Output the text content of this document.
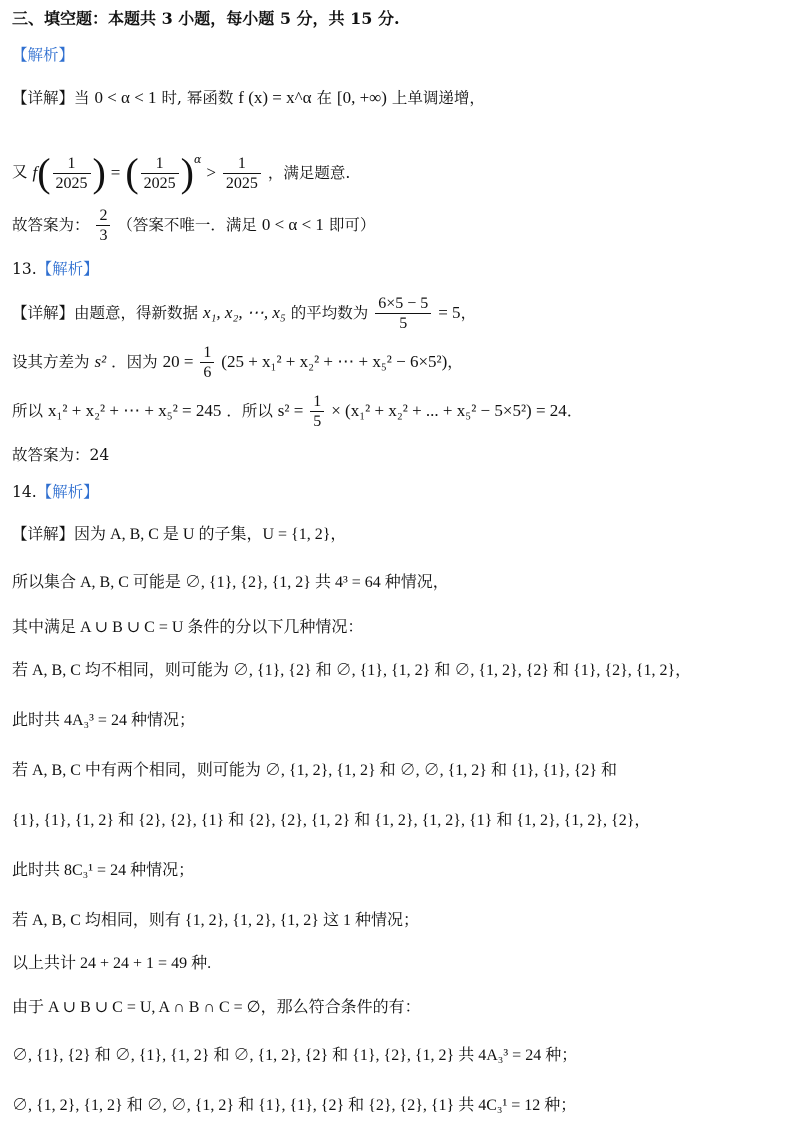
三、填空题：本题共 3 小题，每小题 5 分，共 15 分.
【解析】
【详解】当 0 < α < 1 时, 幂函数 f (x) = x^α 在 [0, +∞) 上单调递增，
又 $f( \frac{1}{2025}$ ) = ( $\frac{1}{2025} )^\alpha > \frac{1}{2025}$ ，满足题意.
故答案为： $\frac{2}{3}$ （答案不唯一．满足 0 < α < 1 即可）
13.【解析】
【详解】由题意，得新数据 x₁, x₂, ⋯, x₅ 的平均数为 $\frac{6\times 5 - 5}{5} = 5$，
设其方差为 s² ．因为 $20 = \frac{1}{6} (25 + x_1^2 + x_2^2$ + ⋯ + x₅² − 6×5²)，
所以 x₁² + x₂² + ⋯ + x₅² = 245 ．所以 $s^2 = \frac{1}{5} \times (x_1^2 + x_2^2$ + ... + x₅² − 5×5²) = 24．
故答案为：24
14.【解析】
【详解】因为 A, B, C 是 U 的子集，U = {1, 2}，
所以集合 A, B, C 可能是 ∅, {1}, {2}, {1, 2} 共 4³ = 64 种情况，
其中满足 A ∪ B ∪ C = U 条件的分以下几种情况：
若 A, B, C 均不相同，则可能为 ∅, {1}, {2} 和 ∅, {1}, {1, 2} 和 ∅, {1, 2}, {2} 和 {1}, {2}, {1, 2}，
此时共 4A₃³ = 24 种情况；
若 A, B, C 中有两个相同，则可能为 ∅, {1, 2}, {1, 2} 和 ∅, ∅, {1, 2} 和 {1}, {1}, {2} 和
{1}, {1}, {1, 2} 和 {2}, {2}, {1} 和 {2}, {2}, {1, 2} 和 {1, 2}, {1, 2}, {1} 和 {1, 2}, {1, 2}, {2}，
此时共 8C₃¹ = 24 种情况；
若 A, B, C 均相同，则有 {1, 2}, {1, 2}, {1, 2} 这 1 种情况；
以上共计 24 + 24 + 1 = 49 种.
由于 A ∪ B ∪ C = U, A ∩ B ∩ C = ∅，那么符合条件的有：
∅, {1}, {2} 和 ∅, {1}, {1, 2} 和 ∅, {1, 2}, {2} 和 {1}, {2}, {1, 2} 共 4A₃³ = 24 种；
∅, {1, 2}, {1, 2} 和 ∅, ∅, {1, 2} 和 {1}, {1}, {2} 和 {2}, {2}, {1} 共 4C₃¹ = 12 种；
